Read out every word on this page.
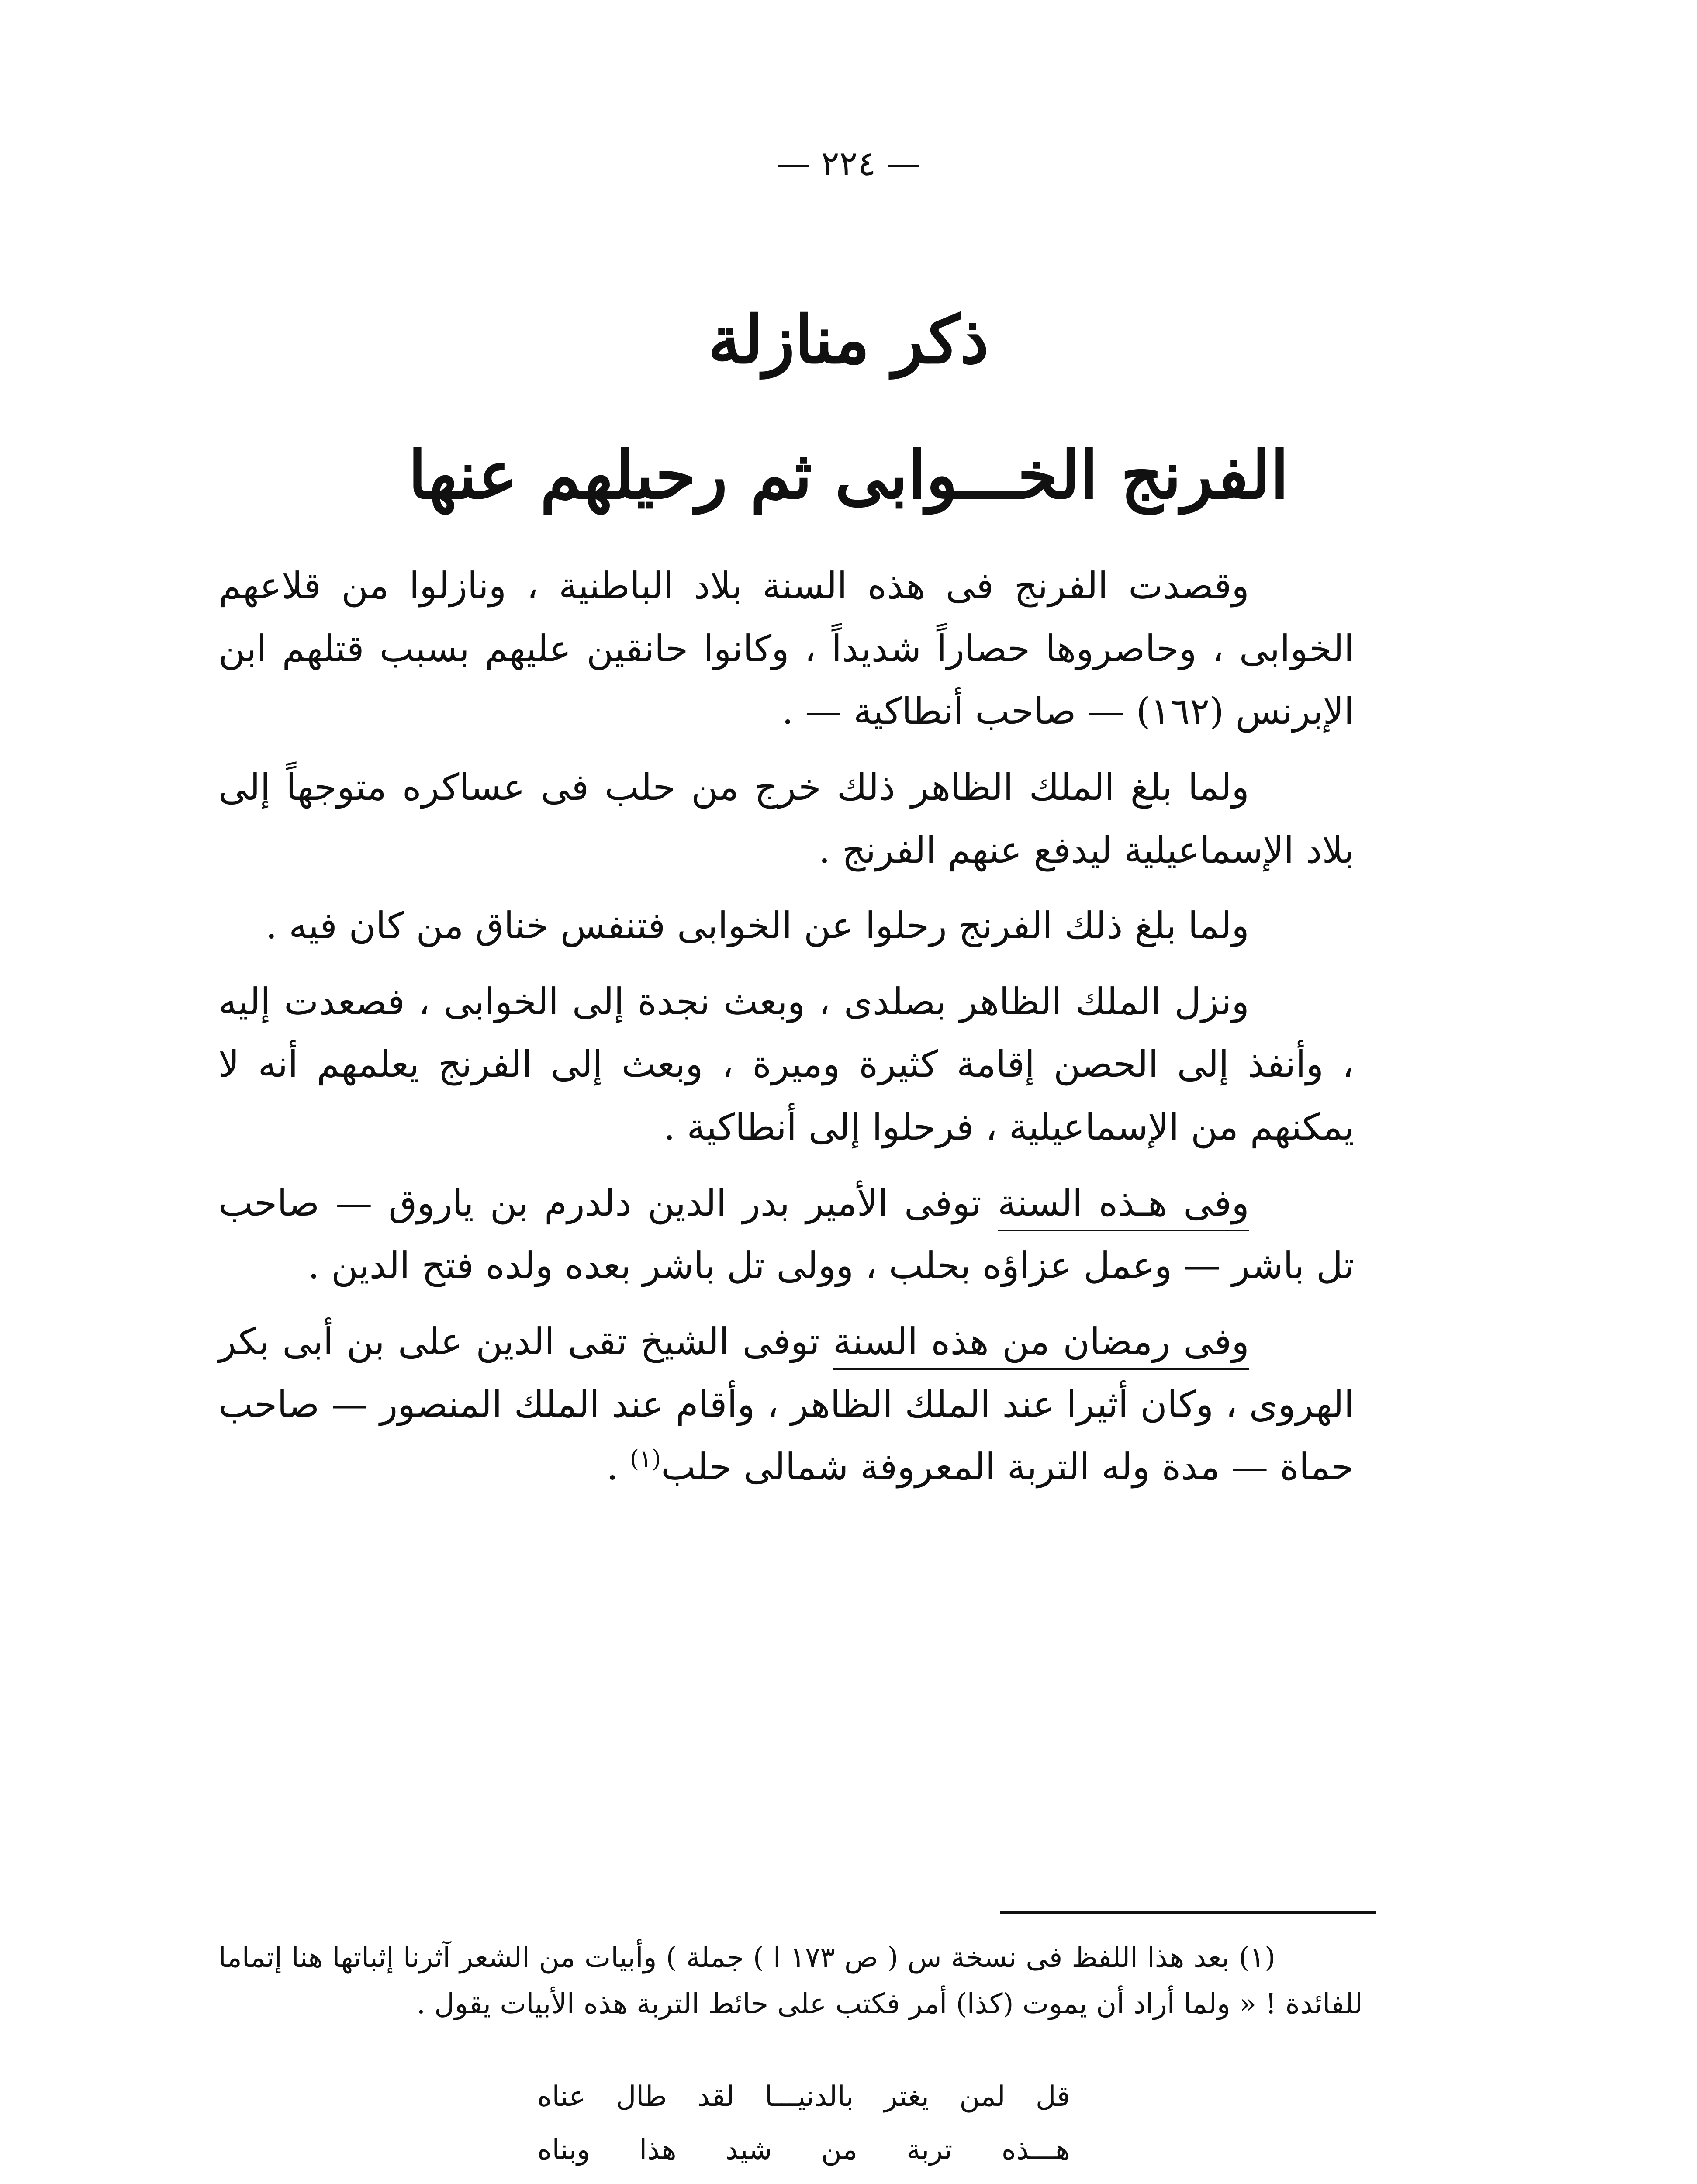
— ٢٢٤ —
ذكر منازلة
الفرنج الخـــوابى ثم رحيلهم عنها

وقصدت الفرنج فى هذه السنة بلاد الباطنية ، ونازلوا من قلاعهم الخوابى ، وحاصروها حصاراً شديداً ، وكانوا حانقين عليهم بسبب قتلهم ابن الإبرنس (١٦٢) — صاحب أنطاكية — .

ولما بلغ الملك الظاهر ذلك خرج من حلب فى عساكره متوجهاً إلى بلاد الإسماعيلية ليدفع عنهم الفرنج .

ولما بلغ ذلك الفرنج رحلوا عن الخوابى فتنفس خناق من كان فيه .

ونزل الملك الظاهر بصلدى ، وبعث نجدة إلى الخوابى ، فصعدت إليه ، وأنفذ إلى الحصن إقامة كثيرة وميرة ، وبعث إلى الفرنج يعلمهم أنه لا يمكنهم من الإسماعيلية ، فرحلوا إلى أنطاكية .

وفى هـذه السنة توفى الأمير بدر الدين دلدرم بن ياروق — صاحب تل باشر — وعمل عزاؤه بحلب ، وولى تل باشر بعده ولده فتح الدين .

وفى رمضان من هذه السنة توفى الشيخ تقى الدين على بن أبى بكر الهروى ، وكان أثيرا عند الملك الظاهر ، وأقام عند الملك المنصور — صاحب حماة — مدة وله التربة المعروفة شمالى حلب$^{(١)}$ .

(١) بعد هذا اللفظ فى نسخة س ( ص ١٧٣ ا ) جملة ) وأبيات من الشعر آثرنا إثباتها هنا إتماما للفائدة ! « ولما أراد أن يموت (كذا) أمر فكتب على حائط التربة هذه الأبيات يقول .

قل لمن يغتر بالدنيـــا لقد طال عناه
هـــذه تربة من شيد هذا وبناه
